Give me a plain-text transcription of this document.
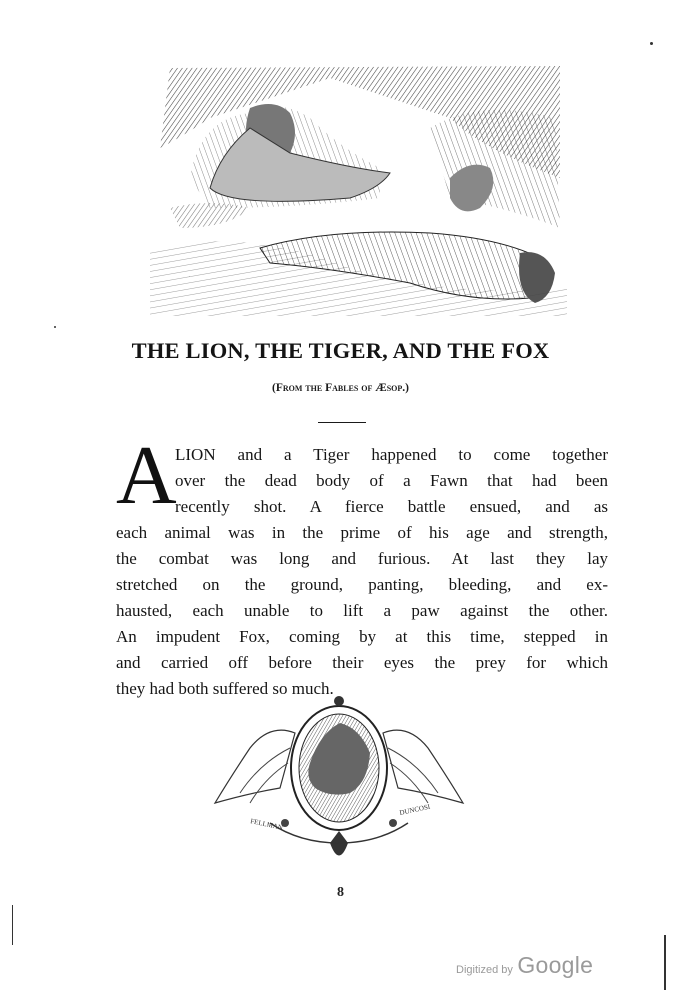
THE LION, THE TIGER, AND THE FOX
(From the Fables of Æsop.)
A
LION and a Tiger happened to come together
over the dead body of a Fawn that had been
recently shot. A fierce battle ensued, and as
each animal was in the prime of his age and strength,
the combat was long and furious. At last they lay
stretched on the ground, panting, bleeding, and ex-
hausted, each unable to lift a paw against the other.
An impudent Fox, coming by at this time, stepped in
and carried off before their eyes the prey for which
they had both suffered so much.
FELLMAN
DUNCOSI
8
Digitized by Google
